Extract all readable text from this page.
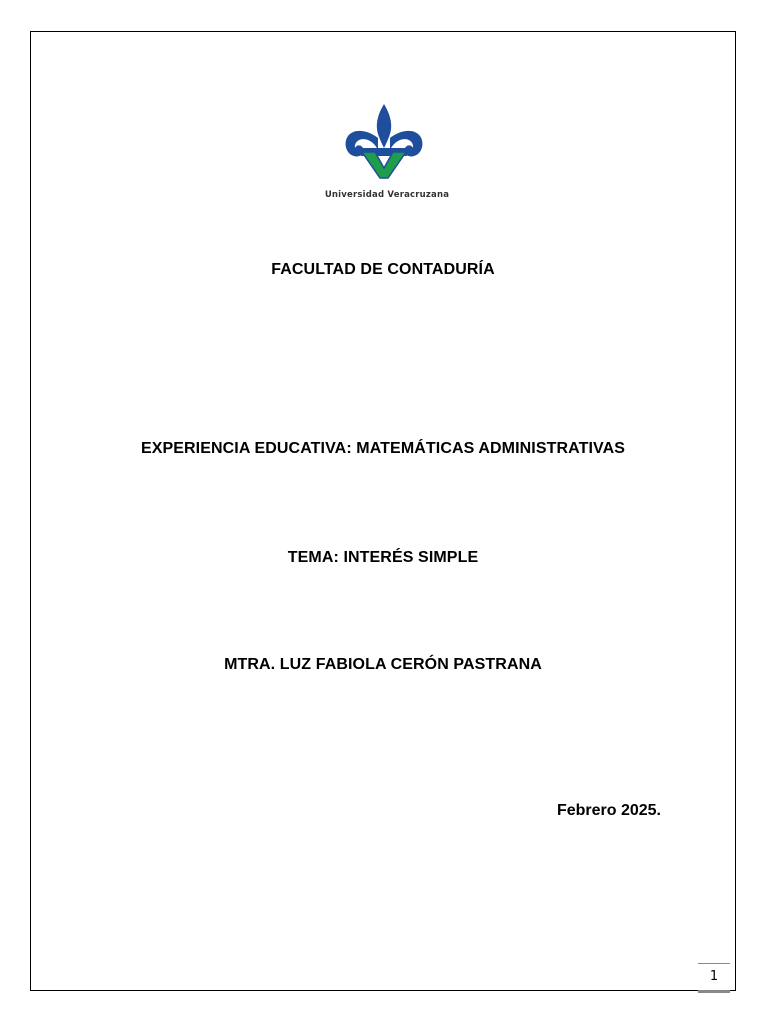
Universidad Veracruzana
FACULTAD DE CONTADURÍA
EXPERIENCIA EDUCATIVA: MATEMÁTICAS ADMINISTRATIVAS
TEMA: INTERÉS SIMPLE
MTRA. LUZ FABIOLA CERÓN PASTRANA
Febrero 2025.
1
